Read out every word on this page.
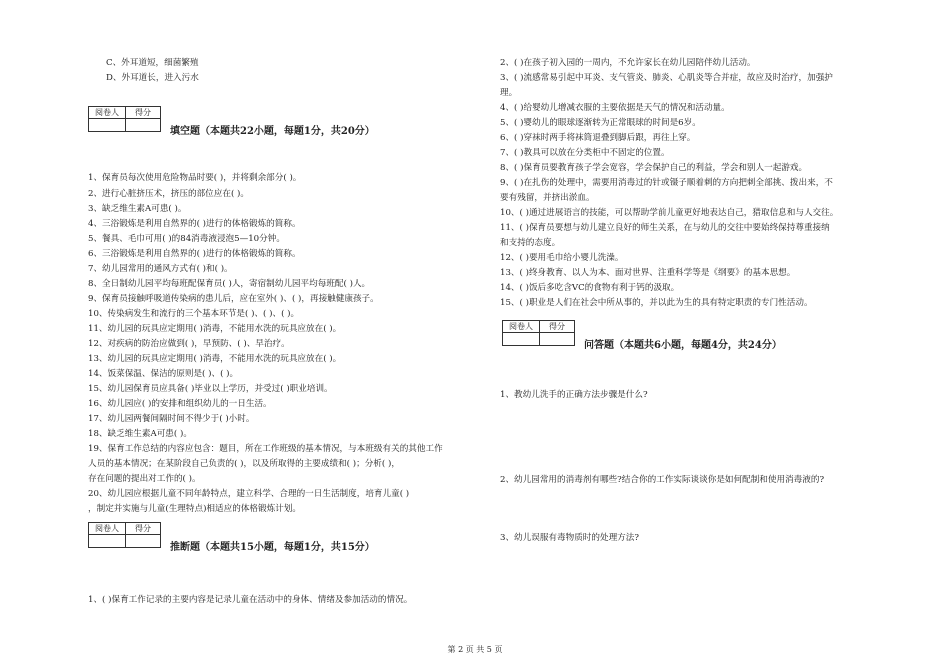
C、外耳道短，细菌繁殖
D、外耳道长，进入污水
阅卷人	得分

填空题（本题共22小题，每题1分，共20分）
1、保育员每次使用危险物品时要( )，并将剩余部分( )。
2、进行心脏挤压术，挤压的部位应在( )。
3、缺乏维生素A可患( )。
4、三浴锻炼是利用自然界的( )进行的体格锻炼的简称。
5、餐具、毛巾可用( )的84消毒液浸泡5—10分钟。
6、三浴锻炼是利用自然界的( )进行的体格锻炼的简称。
7、幼儿园常用的通风方式有( )和( )。
8、全日制幼儿园平均每班配保育员( )人，寄宿制幼儿园平均每班配( )人。
9、保育员接触呼吸道传染病的患儿后，应在室外( )、( )，再接触健康孩子。
10、传染病发生和流行的三个基本环节是( )、( )、( )。
11、幼儿园的玩具应定期用( )消毒，不能用水洗的玩具应放在( )。
12、对疾病的防治应做到( )，早预防、( )、早治疗。
13、幼儿园的玩具应定期用( )消毒，不能用水洗的玩具应放在( )。
14、饭菜保温、保洁的原则是( )、( )。
15、幼儿园保育员应具备( )毕业以上学历，并受过( )职业培训。
16、幼儿园应( )的安排和组织幼儿的一日生活。
17、幼儿园两餐间隔时间不得少于( )小时。
18、缺乏维生素A可患( )。
19、保育工作总结的内容应包含：题目，所在工作班级的基本情况，与本班级有关的其他工作
人员的基本情况；在某阶段自己负责的( )，以及所取得的主要成绩和( )；分析( )，
存在问题的提出对工作的( )。
20、幼儿园应根据儿童不同年龄特点，建立科学、合理的一日生活制度，培育儿童( )
，制定并实施与儿童(生理特点)相适应的体格锻炼计划。
阅卷人	得分

推断题（本题共15小题，每题1分，共15分）
1、( )保育工作记录的主要内容是记录儿童在活动中的身体、情绪及参加活动的情况。
2、( )在孩子初入园的一周内，不允许家长在幼儿园陪伴幼儿活动。
3、( )流感常易引起中耳炎、支气管炎、肺炎、心肌炎等合并症，故应及时治疗，加强护
理。
4、( )给婴幼儿增减衣服的主要依据是天气的情况和活动量。
5、( )婴幼儿的眼球逐渐转为正常眼球的时间是6岁。
6、( )穿袜时两手将袜筒退叠到脚后跟，再往上穿。
7、( )教具可以放在分类柜中不固定的位置。
8、( )保育员要教育孩子学会宽容，学会保护自己的利益，学会和别人一起游戏。
9、( )在扎伤的处理中，需要用消毒过的针或镊子顺着刺的方向把刺全部挑、拨出来，不
要有残留，并挤出淤血。
10、( )通过进展语言的技能，可以帮助学前儿童更好地表达自己，猎取信息和与人交往。
11、( )保育员要想与幼儿建立良好的师生关系，在与幼儿的交往中要始终保持尊重接纳
和支持的态度。
12、( )要用毛巾给小婴儿洗澡。
13、( )终身教育、以人为本、面对世界、注重科学等是《纲要》的基本思想。
14、( )饭后多吃含VC的食物有利于钙的汲取。
15、( )职业是人们在社会中所从事的，并以此为生的具有特定职责的专门性活动。
阅卷人	得分

问答题（本题共6小题，每题4分，共24分）
1、教幼儿洗手的正确方法步骤是什么?
2、幼儿园常用的消毒剂有哪些?结合你的工作实际谈谈你是如何配制和使用消毒液的?
3、幼儿误服有毒物质时的处理方法?
第 2 页 共 5 页
